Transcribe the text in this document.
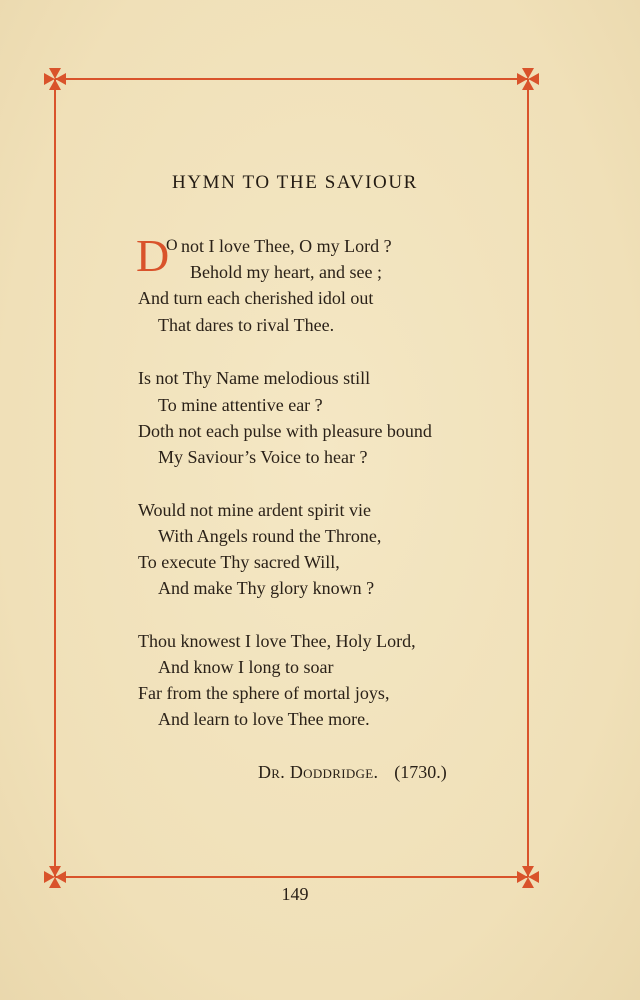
HYMN TO THE SAVIOUR
D
O not I love Thee, O my Lord ?
Behold my heart, and see ;
And turn each cherished idol out
That dares to rival Thee.
Is not Thy Name melodious still
To mine attentive ear ?
Doth not each pulse with pleasure bound
My Saviour’s Voice to hear ?
Would not mine ardent spirit vie
With Angels round the Throne,
To execute Thy sacred Will,
And make Thy glory known ?
Thou knowest I love Thee, Holy Lord,
And know I long to soar
Far from the sphere of mortal joys,
And learn to love Thee more.
Dr. Doddridge. (1730.)
149
